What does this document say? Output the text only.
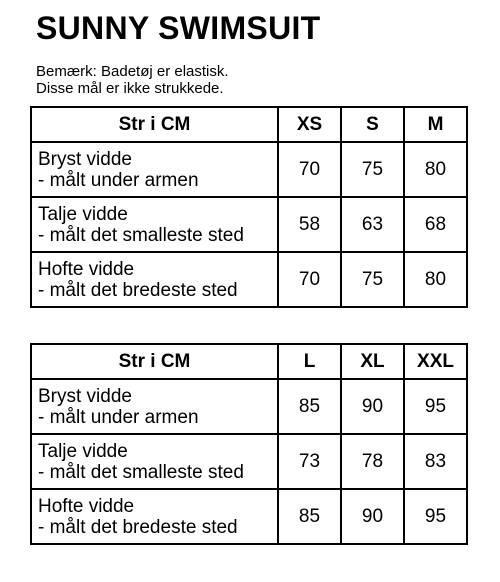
SUNNY SWIMSUIT
Bemærk: Badetøj er elastisk.
Disse mål er ikke strukkede.
Str i CM	XS	S	M

Bryst vidde
- målt under armen	70	75	80

Talje vidde
- målt det smalleste sted	58	63	68

Hofte vidde
- målt det bredeste sted	70	75	80
Str i CM	L	XL	XXL

Bryst vidde
- målt under armen	85	90	95

Talje vidde
- målt det smalleste sted	73	78	83

Hofte vidde
- målt det bredeste sted	85	90	95
